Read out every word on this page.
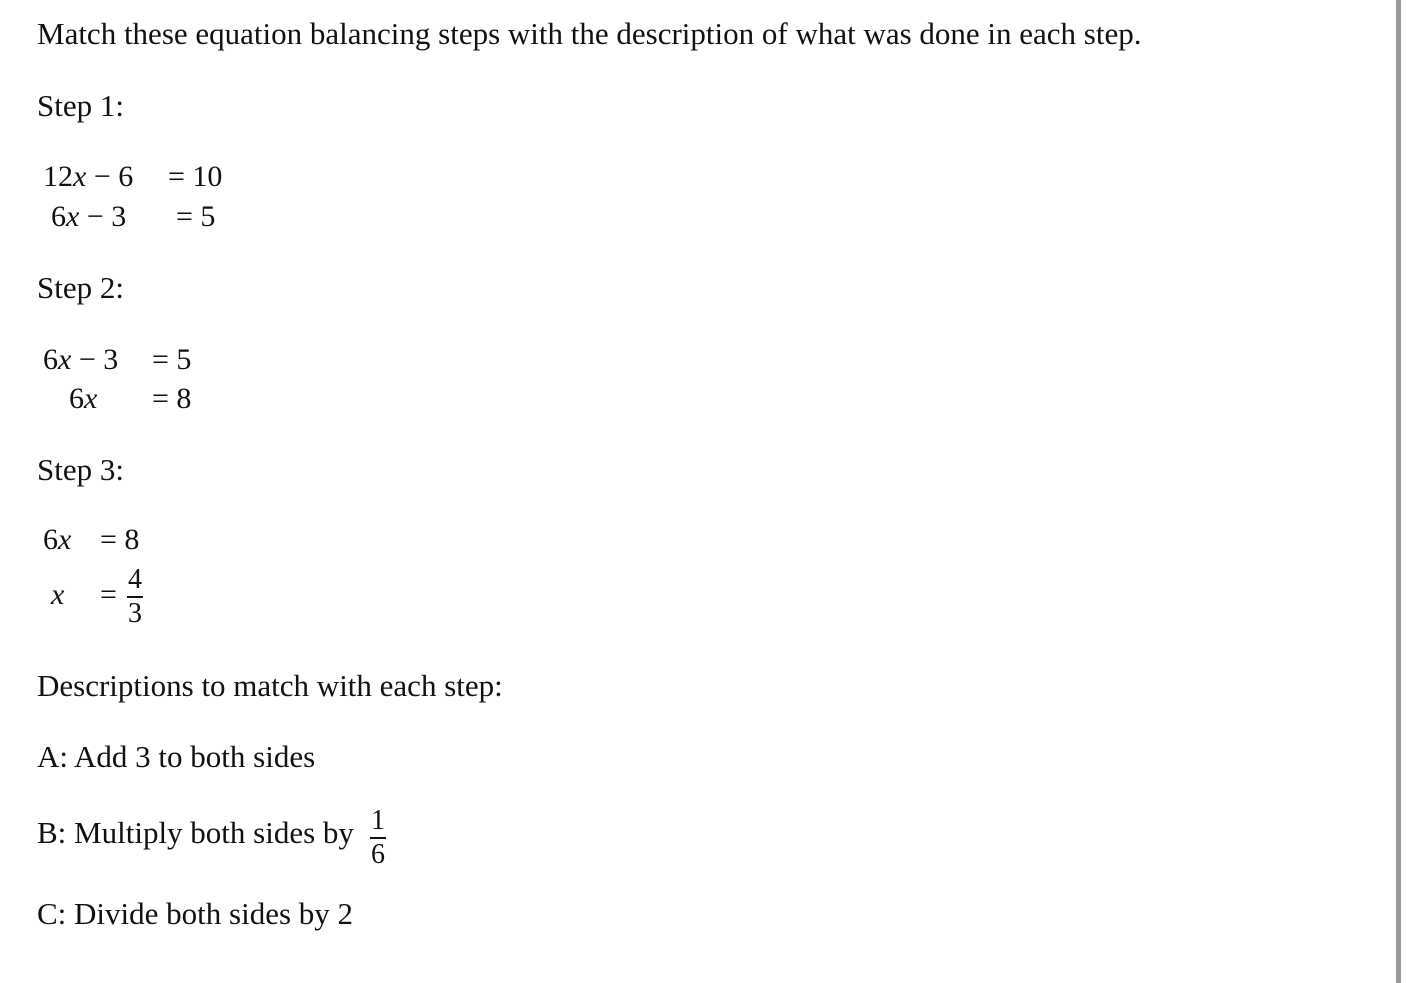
Match these equation balancing steps with the description of what was done in each step.
Step 1:
12x − 6 = 10
6x − 3 = 5
Step 2:
6x − 3 = 5
6x = 8
Step 3:
6x = 8
$x = \frac{4}{3}$
Descriptions to match with each step:
A: Add 3 to both sides
B: Multiply both sides by $\frac{1}{6}$
C: Divide both sides by 2
